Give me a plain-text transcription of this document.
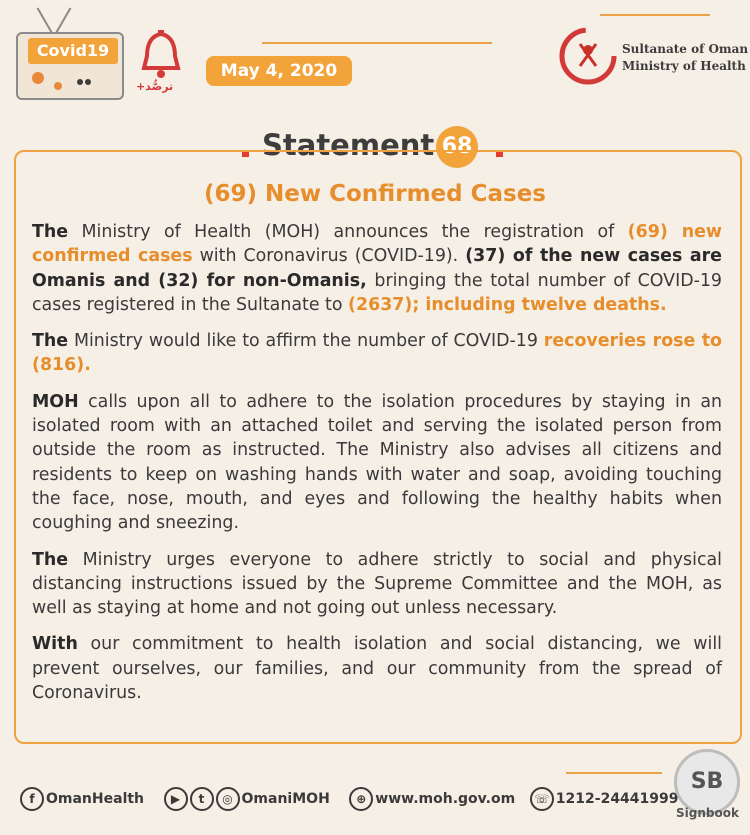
Covid19
+ترصُّد
May 4, 2020
Sultanate of Oman
Ministry of Health
Statement 68
(69) New Confirmed Cases

The Ministry of Health (MOH) announces the registration of (69) new confirmed cases with Coronavirus (COVID-19). (37) of the new cases are Omanis and (32) for non-Omanis, bringing the total number of COVID-19 cases registered in the Sultanate to (2637); including twelve deaths.

The Ministry would like to affirm the number of COVID-19 recoveries rose to (816).

MOH calls upon all to adhere to the isolation procedures by staying in an isolated room with an attached toilet and serving the isolated person from outside the room as instructed. The Ministry also advises all citizens and residents to keep on washing hands with water and soap, avoiding touching the face, nose, mouth, and eyes and following the healthy habits when coughing and sneezing.

The Ministry urges everyone to adhere strictly to social and physical distancing instructions issued by the Supreme Committee and the MOH, as well as staying at home and not going out unless necessary.

With our commitment to health isolation and social distancing, we will prevent ourselves, our families, and our community from the spread of Coronavirus.

f OmanHealth ▶ t ◎ OmaniMOH ⊕ www.moh.gov.om ☏ 1212-24441999
SB
Signbook
